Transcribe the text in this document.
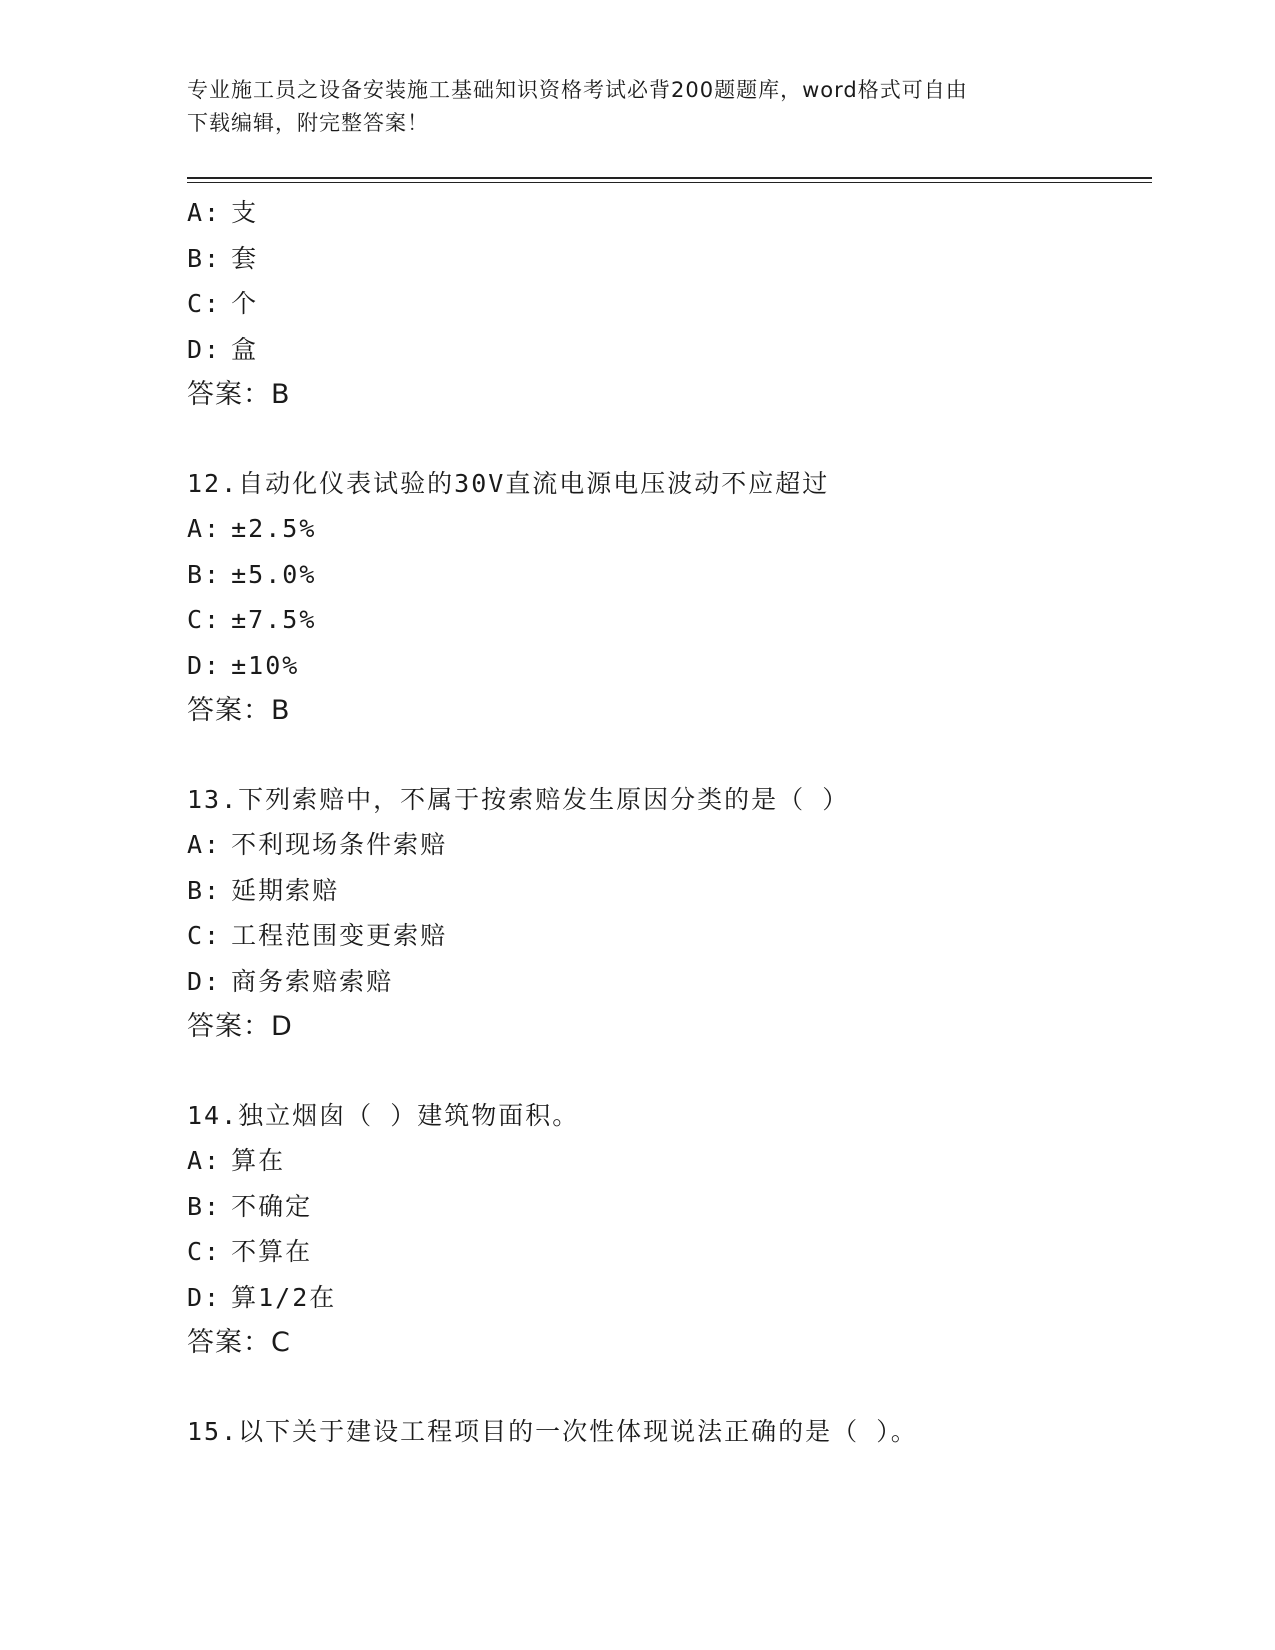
专业施工员之设备安装施工基础知识资格考试必背200题题库，word格式可自由
下载编辑，附完整答案！
A: 支
B: 套
C: 个
D: 盒
答案：B
12.自动化仪表试验的30V直流电源电压波动不应超过
A: ±2.5%
B: ±5.0%
C: ±7.5%
D: ±10%
答案：B
13.下列索赔中，不属于按索赔发生原因分类的是（ ）
A: 不利现场条件索赔
B: 延期索赔
C: 工程范围变更索赔
D: 商务索赔索赔
答案：D
14.独立烟囱（ ）建筑物面积。
A: 算在
B: 不确定
C: 不算在
D: 算1/2在
答案：C
15.以下关于建设工程项目的一次性体现说法正确的是（ ）。
